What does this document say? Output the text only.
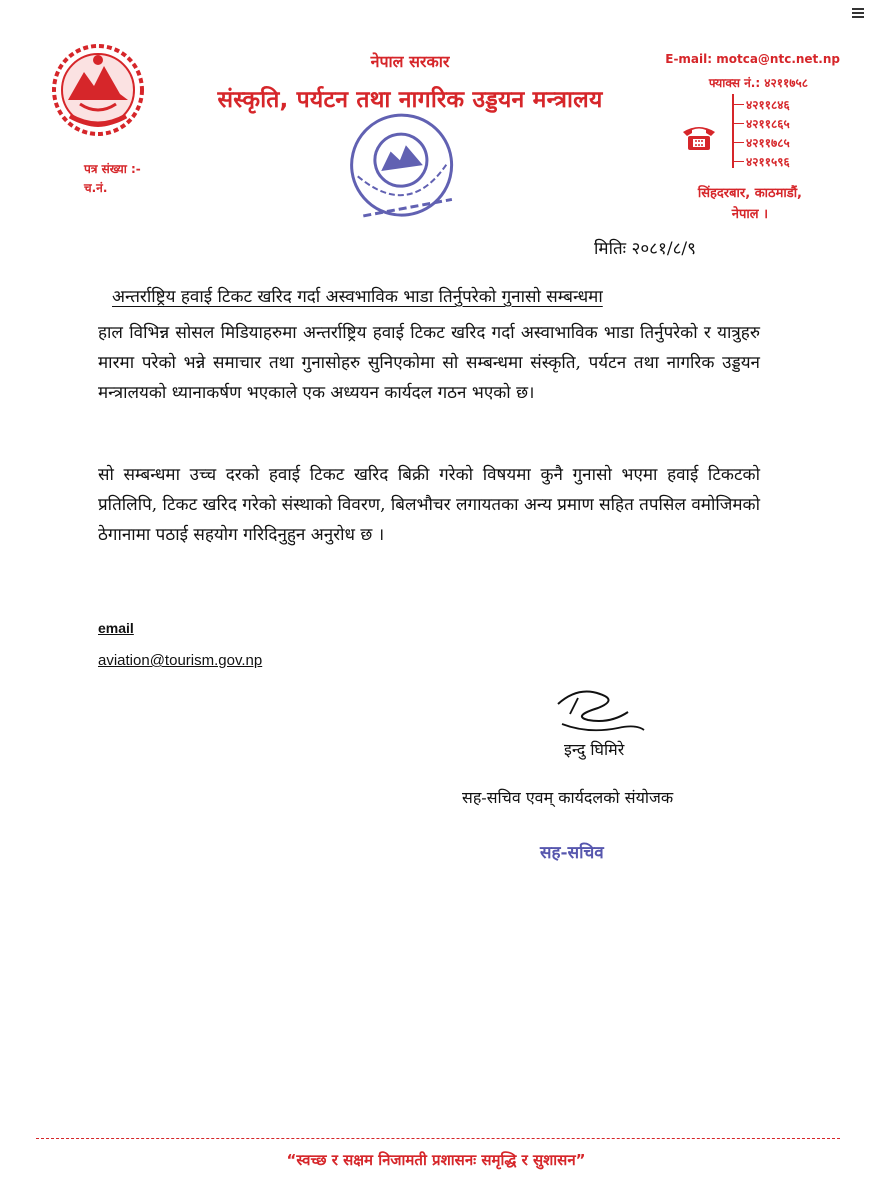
नेपाल सरकार
संस्कृति, पर्यटन तथा नागरिक उड्डयन मन्त्रालय
E-mail: motca@ntc.net.np
फ्याक्स नं.: ४२११७५८
४२११८४६
४२११८६५
४२११७८५
४२११५९६
सिंहदरबार, काठमाडौं,
नेपाल ।
पत्र संख्या :-
च.नं.
मितिः २०८१/८/९
अन्तर्राष्ट्रिय हवाई टिकट खरिद गर्दा अस्वभाविक भाडा तिर्नुपरेको गुनासो सम्बन्धमा

हाल विभिन्न सोसल मिडियाहरुमा अन्तर्राष्ट्रिय हवाई टिकट खरिद गर्दा अस्वाभाविक भाडा तिर्नुपरेको र यात्रुहरु मारमा परेको भन्ने समाचार तथा गुनासोहरु सुनिएकोमा सो सम्बन्धमा संस्कृति, पर्यटन तथा नागरिक उड्डयन मन्त्रालयको ध्यानाकर्षण भएकाले एक अध्ययन कार्यदल गठन भएको छ।

सो सम्बन्धमा उच्च दरको हवाई टिकट खरिद बिक्री गरेको विषयमा कुनै गुनासो भएमा हवाई टिकटको प्रतिलिपि, टिकट खरिद गरेको संस्थाको विवरण, बिलभौचर लगायतका अन्य प्रमाण सहित तपसिल वमोजिमको ठेगानामा पठाई सहयोग गरिदिनुहुन अनुरोध छ ।

email
aviation@tourism.gov.np
इन्दु घिमिरे
सह-सचिव एवम् कार्यदलको संयोजक
सह-सचिव
“स्वच्छ र सक्षम निजामती प्रशासनः समृद्धि र सुशासन”
